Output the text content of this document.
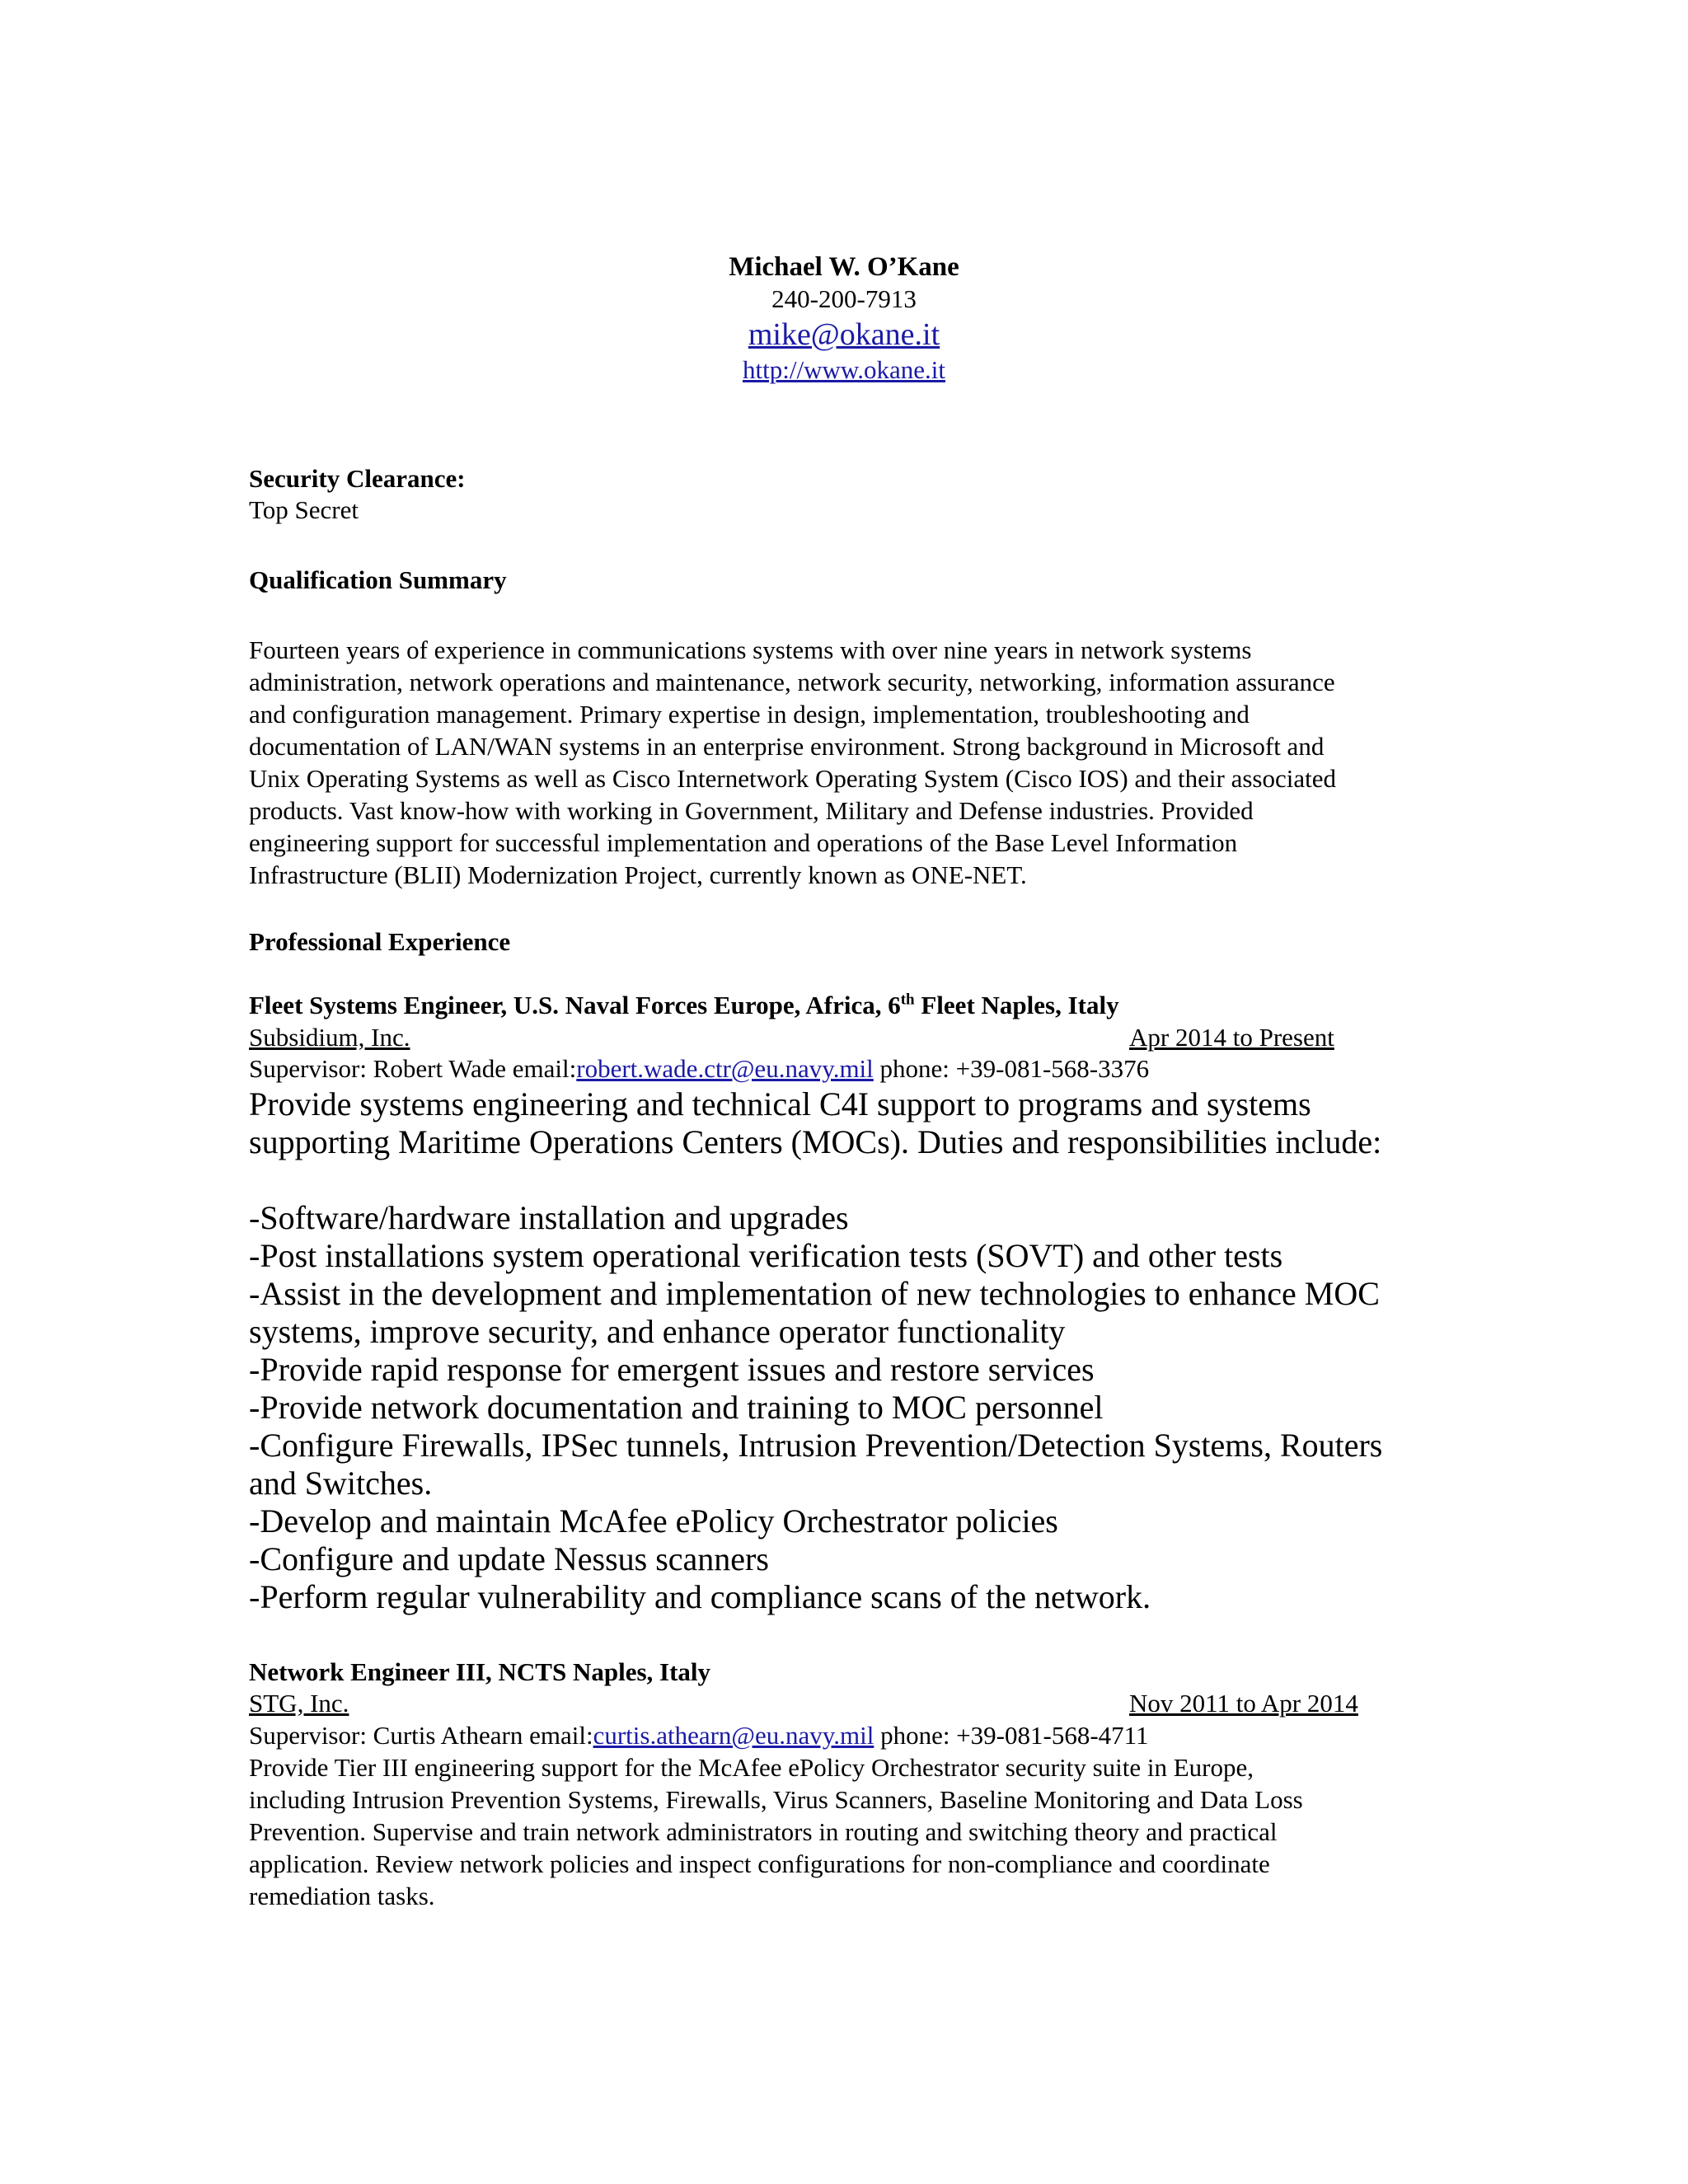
Michael W. O’Kane
240-200-7913
mike@okane.it
http://www.okane.it
Security Clearance:
Top Secret
Qualification Summary
Fourteen years of experience in communications systems with over nine years in network systems
administration, network operations and maintenance, network security, networking, information assurance
and configuration management. Primary expertise in design, implementation, troubleshooting and
documentation of LAN/WAN systems in an enterprise environment. Strong background in Microsoft and
Unix Operating Systems as well as Cisco Internetwork Operating System (Cisco IOS) and their associated
products. Vast know-how with working in Government, Military and Defense industries. Provided
engineering support for successful implementation and operations of the Base Level Information
Infrastructure (BLII) Modernization Project, currently known as ONE-NET.
Professional Experience
Fleet Systems Engineer, U.S. Naval Forces Europe, Africa, 6th Fleet Naples, Italy
Subsidium, Inc.	Apr 2014 to Present
Supervisor: Robert Wade email:robert.wade.ctr@eu.navy.mil phone: +39-081-568-3376
Provide systems engineering and technical C4I support to programs and systems
supporting Maritime Operations Centers (MOCs). Duties and responsibilities include:
-Software/hardware installation and upgrades
-Post installations system operational verification tests (SOVT) and other tests
-Assist in the development and implementation of new technologies to enhance MOC
systems, improve security, and enhance operator functionality
-Provide rapid response for emergent issues and restore services
-Provide network documentation and training to MOC personnel
-Configure Firewalls, IPSec tunnels, Intrusion Prevention/Detection Systems, Routers
and Switches.
-Develop and maintain McAfee ePolicy Orchestrator policies
-Configure and update Nessus scanners
-Perform regular vulnerability and compliance scans of the network.
Network Engineer III, NCTS Naples, Italy
STG, Inc.	Nov 2011 to Apr 2014
Supervisor: Curtis Athearn email:curtis.athearn@eu.navy.mil phone: +39-081-568-4711
Provide Tier III engineering support for the McAfee ePolicy Orchestrator security suite in Europe,
including Intrusion Prevention Systems, Firewalls, Virus Scanners, Baseline Monitoring and Data Loss
Prevention. Supervise and train network administrators in routing and switching theory and practical
application. Review network policies and inspect configurations for non-compliance and coordinate
remediation tasks.
